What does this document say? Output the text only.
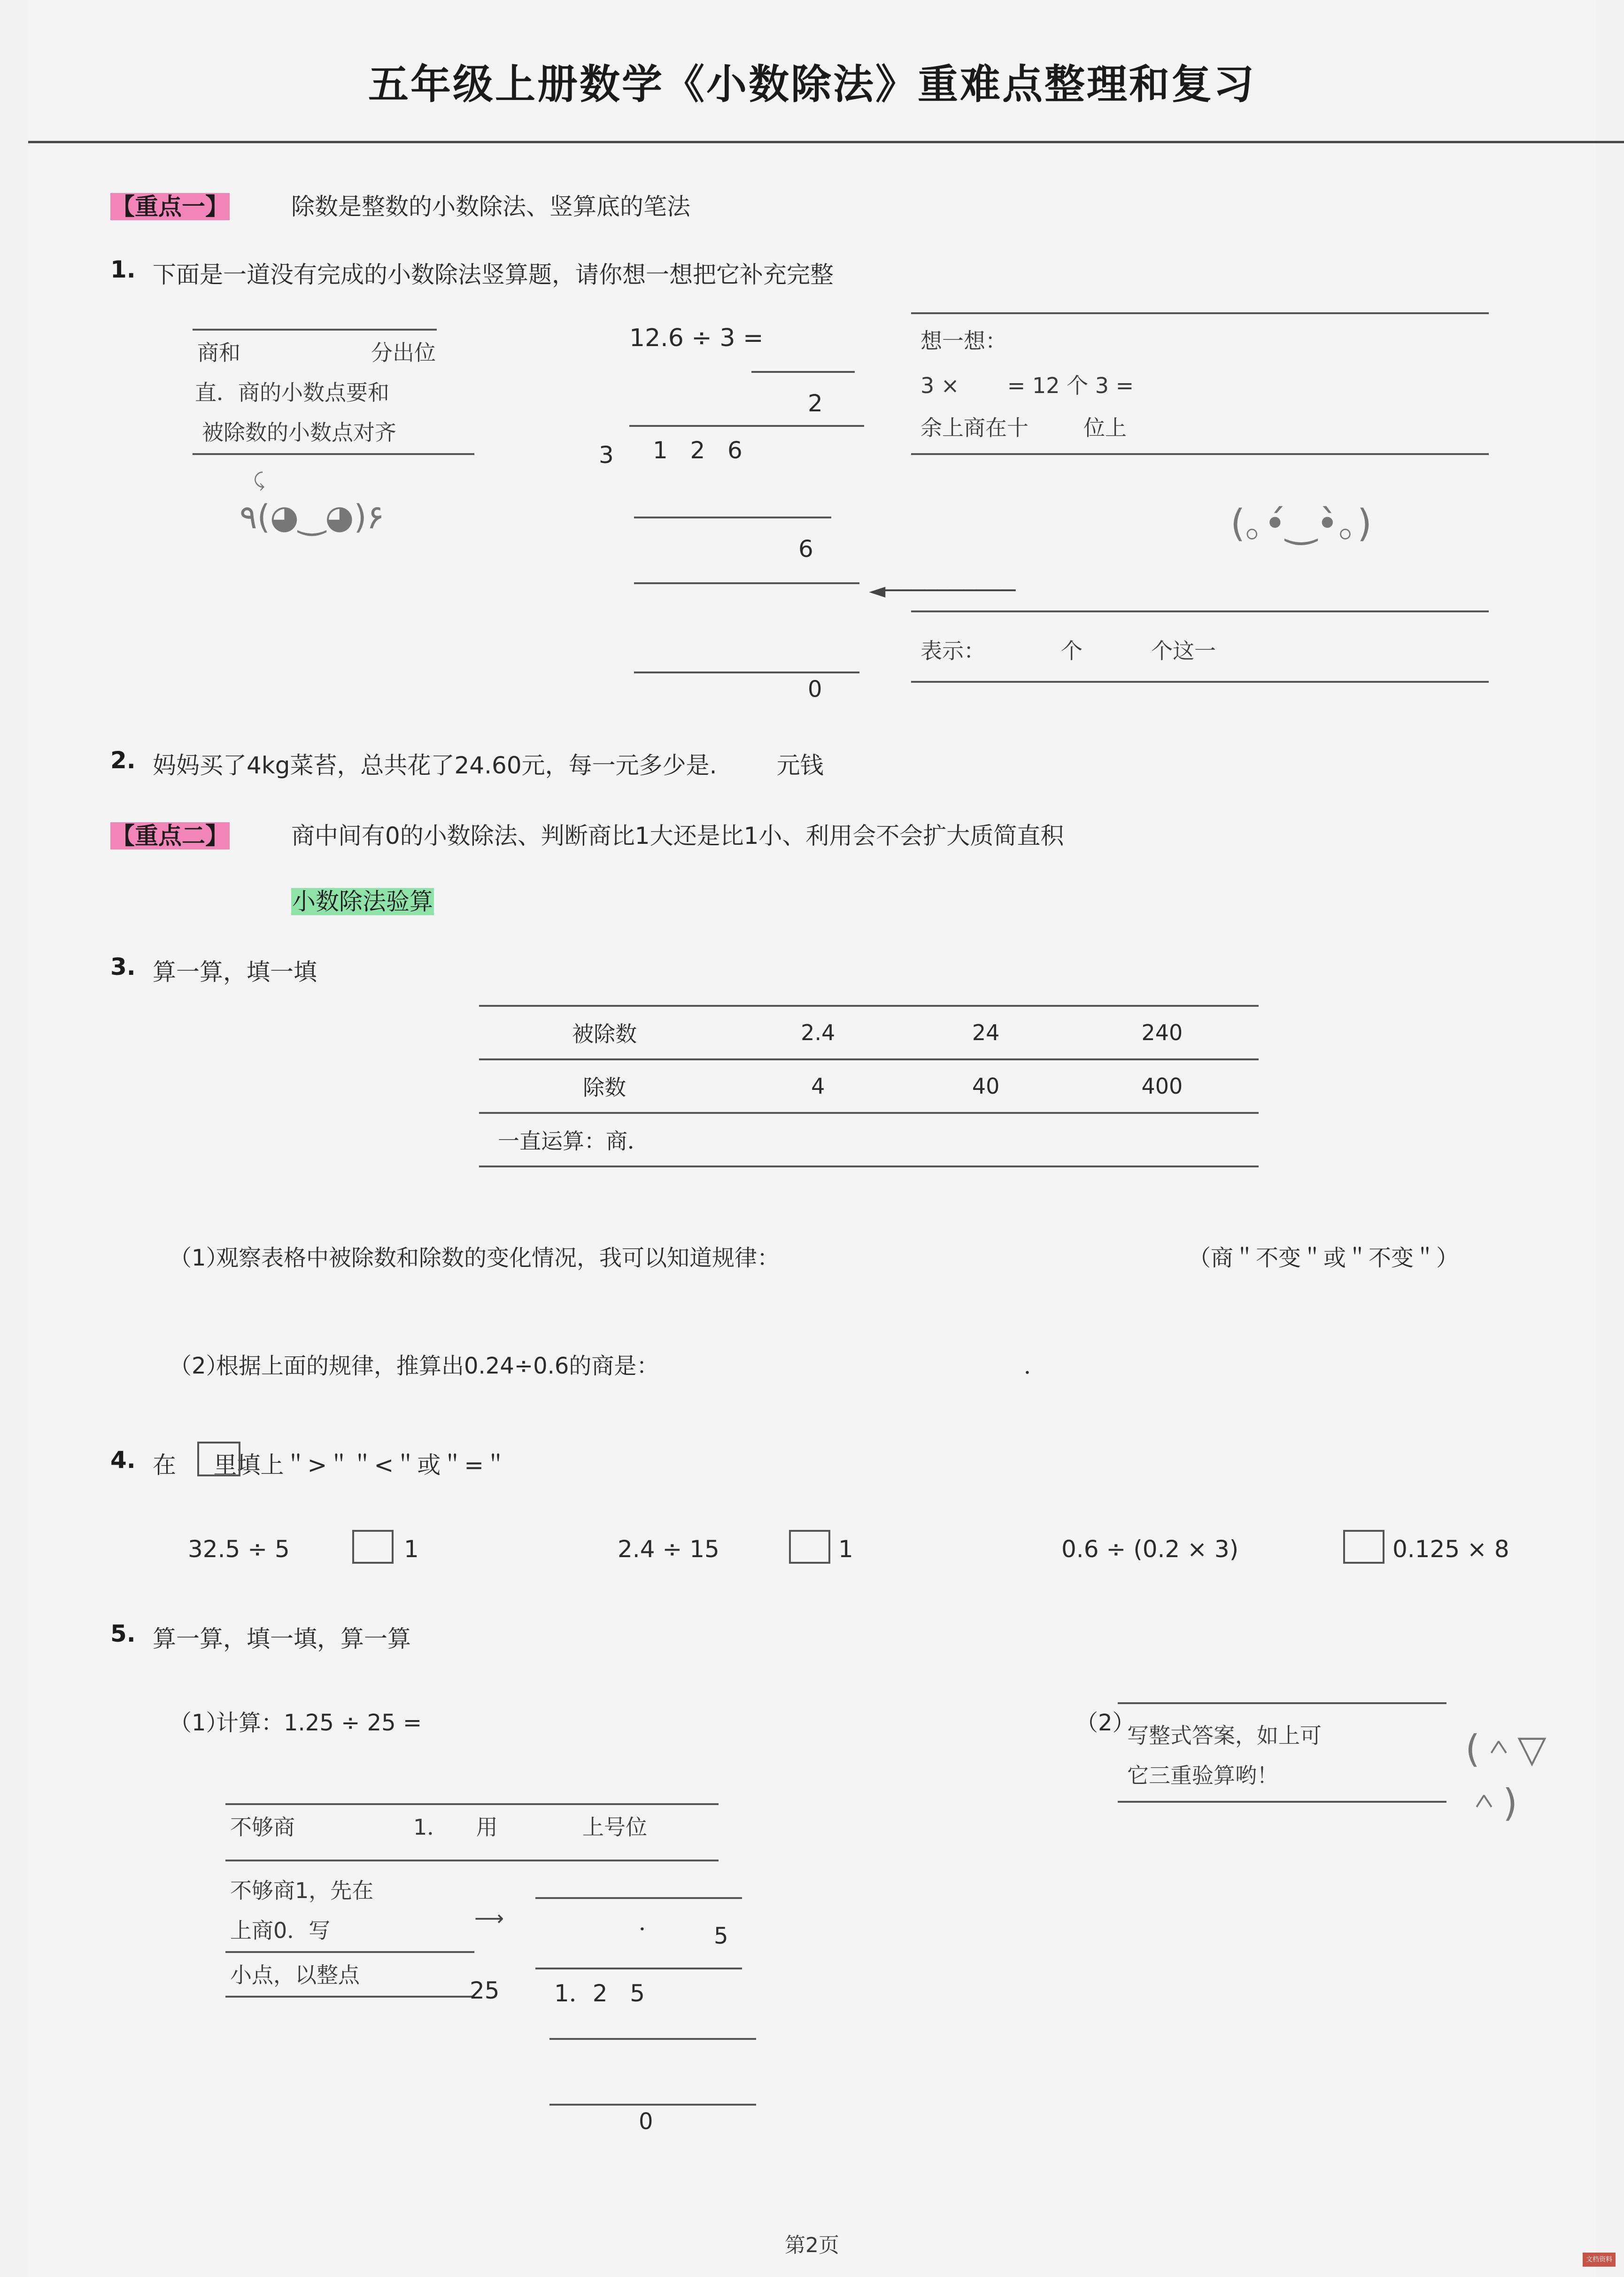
五年级上册数学《小数除法》重难点整理和复习
【重点一】	除数是整数的小数除法、竖算底的笔法
1. 下面是一道没有完成的小数除法竖算题，请你想一想把它补充完整
商和	分出位
直．商的小数点要和
被除数的小数点对齐
⤹
٩(◕‿◕)۶
12.6 ÷ 3 =
2
3 1   2   6
6
0
想一想：
3 ×       = 12 个 3 =
余上商在十        位上
表示：           个          个这一
(｡•́‿•̀｡)
◄──────────
2. 妈妈买了4kg菜苔，总共花了24.60元，每一元多少是.        元钱
【重点二】	商中间有0的小数除法、判断商比1大还是比1小、利用会不会扩大质简直积
小数除法验算
3. 算一算，填一填
被除数	2.4	24	240
除数	4	40	400
一直运算：商．			
（1）
观察表格中被除数和除数的变化情况，我可以知道规律：	（商＂不变＂或＂不变＂）
（2）
根据上面的规律，推算出0.24÷0.6的商是：	．
4. 在     里填上＂>＂＂<＂或＂=＂
32.5 ÷ 5	1	2.4 ÷ 15	1	0.6 ÷ (0.2 × 3)	0.125 × 8
5. 算一算，填一填，算一算
（1）
计算：1.25 ÷ 25 =
不够商	1．    用	上号位
不够商1，先在
上商0．写
小点，以整点
⟶	．
5
25 1．2   5
0
（2）
写整式答案，如上可
它三重验算哟！
(＾▽＾)
第2页
文档资料
